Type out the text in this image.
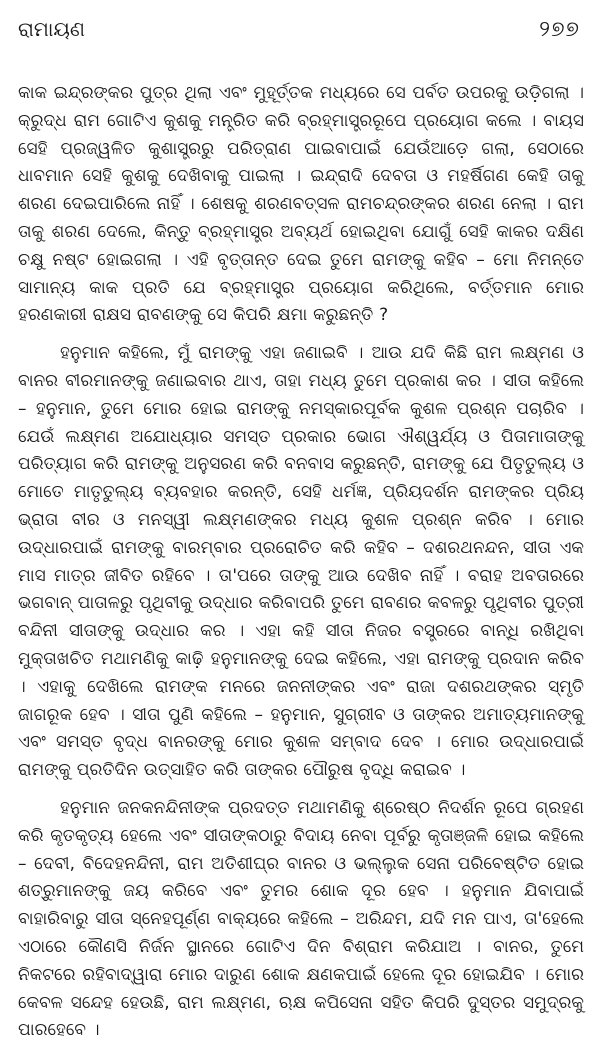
ରାମାୟଣ	୨୭୭

କାକ ଇନ୍ଦ୍ରଙ୍କର ପୁତ୍ର ଥିଲା ଏବଂ ମୁହୂର୍ତ୍ତକ ମଧ୍ୟରେ ସେ ପର୍ବତ ଉପରକୁ ଉଡ଼ିଗଲା । କ୍ରୁଦ୍ଧ ରାମ ଗୋଟିଏ କୁଶକୁ ମନ୍ତ୍ରିତ କରି ବ୍ରହ୍ମାସ୍ତ୍ରରୂପେ ପ୍ରୟୋଗ କଲେ । ବାୟସ ସେହି ପ୍ରଜ୍ୱଳିତ କୁଶାସ୍ତ୍ରରୁ ପରିତ୍ରାଣ ପାଇବାପାଇଁ ଯେଉଁଆଡ଼େ ଗଲା, ସେଠାରେ ଧାବମାନ ସେହି କୁଶକୁ ଦେଖିବାକୁ ପାଇଲା । ଇନ୍ଦ୍ରାଦି ଦେବତା ଓ ମହର୍ଷିଗଣ କେହି ତାକୁ ଶରଣ ଦେଇପାରିଲେ ନାହିଁ । ଶେଷକୁ ଶରଣବତ୍ସଳ ରାମଚନ୍ଦ୍ରଙ୍କର ଶରଣ ନେଲା । ରାମ ତାକୁ ଶରଣ ଦେଲେ, କିନ୍ତୁ ବ୍ରହ୍ମାସ୍ତ୍ର ଅବ୍ୟର୍ଥ ହୋଇଥିବା ଯୋଗୁଁ ସେହି କାକର ଦକ୍ଷିଣ ଚକ୍ଷୁ ନଷ୍ଟ ହୋଇଗଲା । ଏହି ବୃତ୍ତାନ୍ତ ଦେଇ ତୁମେ ରାମଙ୍କୁ କହିବ – ମୋ ନିମନ୍ତେ ସାମାନ୍ୟ କାକ ପ୍ରତି ଯେ ବ୍ରହ୍ମାସ୍ତ୍ର ପ୍ରୟୋଗ କରିଥିଲେ, ବର୍ତ୍ତମାନ ମୋର ହରଣକାରୀ ରାକ୍ଷସ ରାବଣଙ୍କୁ ସେ କିପରି କ୍ଷମା କରୁଛନ୍ତି ?

ହନୁମାନ କହିଲେ, ମୁଁ ରାମଙ୍କୁ ଏହା ଜଣାଇବି । ଆଉ ଯଦି କିଛି ରାମ ଲକ୍ଷ୍ମଣ ଓ ବାନର ବୀରମାନଙ୍କୁ ଜଣାଇବାର ଥାଏ, ତାହା ମଧ୍ୟ ତୁମେ ପ୍ରକାଶ କର । ସୀତା କହିଲେ – ହନୁମାନ, ତୁମେ ମୋର ହୋଇ ରାମଙ୍କୁ ନମସ୍କାରପୂର୍ବକ କୁଶଳ ପ୍ରଶ୍ନ ପଚାରିବ । ଯେଉଁ ଲକ୍ଷ୍ମଣ ଅଯୋଧ୍ୟାର ସମସ୍ତ ପ୍ରକାର ଭୋଗ ଐଶ୍ୱର୍ଯ୍ୟ ଓ ପିତାମାତାଙ୍କୁ ପରିତ୍ୟାଗ କରି ରାମଙ୍କୁ ଅନୁସରଣ କରି ବନବାସ କରୁଛନ୍ତି, ରାମଙ୍କୁ ଯେ ପିତୃତୁଲ୍ୟ ଓ ମୋତେ ମାତୃତୁଲ୍ୟ ବ୍ୟବହାର କରନ୍ତି, ସେହି ଧର୍ମଜ୍ଞ, ପ୍ରିୟଦର୍ଶନ ରାମଙ୍କର ପ୍ରିୟ ଭ୍ରାତା ବୀର ଓ ମନସ୍ୱୀ ଲକ୍ଷ୍ମଣଙ୍କର ମଧ୍ୟ କୁଶଳ ପ୍ରଶ୍ନ କରିବ । ମୋର ଉଦ୍ଧାରପାଇଁ ରାମଙ୍କୁ ବାରମ୍ବାର ପ୍ରରୋଚିତ କରି କହିବ – ଦଶରଥନନ୍ଦନ, ସୀତା ଏକ ମାସ ମାତ୍ର ଜୀବିତ ରହିବେ । ତା'ପରେ ତାଙ୍କୁ ଆଉ ଦେଖିବ ନାହିଁ । ବରାହ ଅବତାରରେ ଭଗବାନ୍ ପାତାଳରୁ ପୃଥିବୀକୁ ଉଦ୍ଧାର କରିବାପରି ତୁମେ ରାବଣର କବଳରୁ ପୃଥିବୀର ପୁତ୍ରୀ ବନ୍ଦିନୀ ସୀତାଙ୍କୁ ଉଦ୍ଧାର କର । ଏହା କହି ସୀତା ନିଜର ବସ୍ତ୍ରରେ ବାନ୍ଧି ରଖିଥିବା ମୁକ୍ତାଖଚିତ ମଥାମଣିକୁ କାଢ଼ି ହନୁମାନଙ୍କୁ ଦେଇ କହିଲେ, ଏହା ରାମଙ୍କୁ ପ୍ରଦାନ କରିବ । ଏହାକୁ ଦେଖିଲେ ରାମଙ୍କ ମନରେ ଜନନୀଙ୍କର ଏବଂ ରାଜା ଦଶରଥଙ୍କର ସ୍ମୃତି ଜାଗରୂକ ହେବ । ସୀତା ପୁଣି କହିଲେ – ହନୁମାନ, ସୁଗ୍ରୀବ ଓ ତାଙ୍କର ଅମାତ୍ୟମାନଙ୍କୁ ଏବଂ ସମସ୍ତ ବୃଦ୍ଧ ବାନରଙ୍କୁ ମୋର କୁଶଳ ସମ୍ବାଦ ଦେବ । ମୋର ଉଦ୍ଧାରପାଇଁ ରାମଙ୍କୁ ପ୍ରତିଦିନ ଉତ୍ସାହିତ କରି ତାଙ୍କର ପୌରୁଷ ବୃଦ୍ଧି କରାଇବ ।

ହନୁମାନ ଜନକନନ୍ଦିନୀଙ୍କ ପ୍ରଦତ୍ତ ମଥାମଣିକୁ ଶ୍ରେଷ୍ଠ ନିଦର୍ଶନ ରୂପେ ଗ୍ରହଣ କରି କୃତକୃତ୍ୟ ହେଲେ ଏବଂ ସୀତାଙ୍କଠାରୁ ବିଦାୟ ନେବା ପୂର୍ବରୁ କୃତାଞ୍ଜଳି ହୋଇ କହିଲେ – ଦେବୀ, ବିଦେହନନ୍ଦିନୀ, ରାମ ଅତିଶୀଘ୍ର ବାନର ଓ ଭଲ୍ଲୁକ ସେନା ପରିବେଷ୍ଟିତ ହୋଇ ଶତ୍ରୁମାନଙ୍କୁ ଜୟ କରିବେ ଏବଂ ତୁମର ଶୋକ ଦୂର ହେବ । ହନୁମାନ ଯିବାପାଇଁ ବାହାରିବାରୁ ସୀତା ସ୍ନେହପୂର୍ଣ୍ଣ ବାକ୍ୟରେ କହିଲେ – ଅରିନ୍ଦମ, ଯଦି ମନ ପାଏ, ତା'ହେଲେ ଏଠାରେ କୌଣସି ନିର୍ଜନ ସ୍ଥାନରେ ଗୋଟିଏ ଦିନ ବିଶ୍ରାମ କରିଯାଅ । ବାନର, ତୁମେ ନିକଟରେ ରହିବାଦ୍ୱାରା ମୋର ଦାରୁଣ ଶୋକ କ୍ଷଣକପାଇଁ ହେଲେ ଦୂର ହୋଇଯିବ । ମୋର କେବଳ ସନ୍ଦେହ ହେଉଛି, ରାମ ଲକ୍ଷ୍ମଣ, ଋକ୍ଷ କପିସେନା ସହିତ କିପରି ଦୁସ୍ତର ସମୁଦ୍ରକୁ ପାରହେବେ ।
